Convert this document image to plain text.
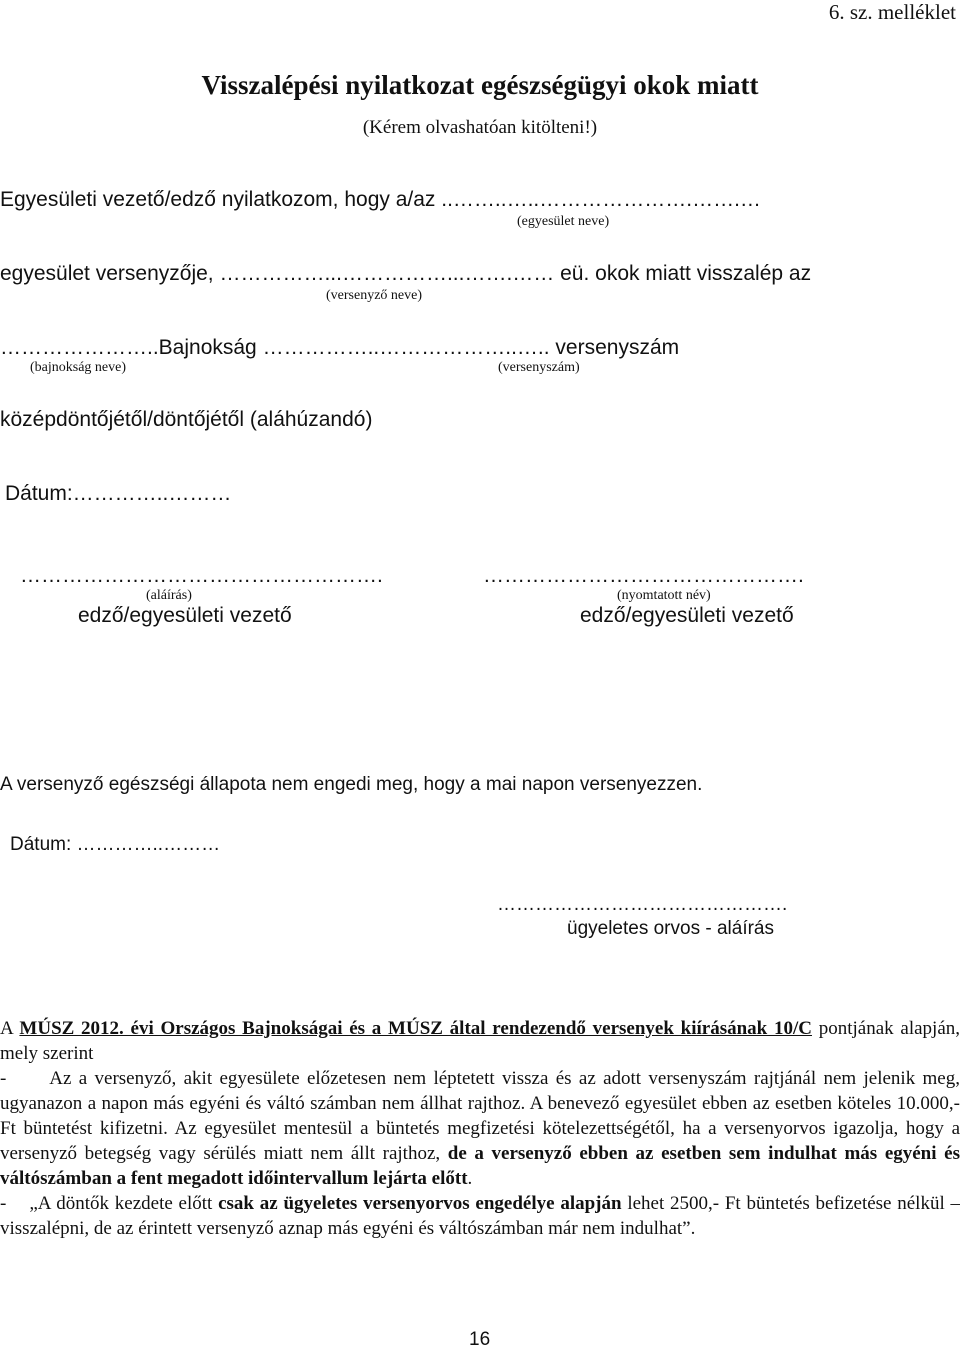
6. sz. melléklet
Visszalépési nyilatkozat egészségügyi okok miatt
(Kérem olvashatóan kitölteni!)
Egyesületi vezető/edző nyilatkozom, hogy a/az ..……..…..………………….…….…
(egyesület neve)
egyesület versenyzője, ……………...……………...…….…… eü. okok miatt visszalép az
(versenyző neve)
…………………..Bajnokság ……………..………………..….. versenyszám
(bajnokság neve)	(versenyszám)
középdöntőjétől/döntőjétől (aláhúzandó)
Dátum:…………..………
…………………………………………….
(aláírás)
edző/egyesületi vezető
……………………………………….
(nyomtatott név)
edző/egyesületi vezető
A versenyző egészségi állapota nem engedi meg, hogy a mai napon versenyezzen.
Dátum: …………..………
……………………………………….
ügyeletes orvos - aláírás
A MÚSZ 2012. évi Országos Bajnokságai és a MÚSZ által rendezendő versenyek kiírásának 10/C pontjának alapján, mely szerint
-      Az a versenyző, akit egyesülete előzetesen nem léptetett vissza és az adott versenyszám rajtjánál nem jelenik meg, ugyanazon a napon más egyéni és váltó számban nem állhat rajthoz. A benevező egyesület ebben az esetben köteles 10.000,- Ft büntetést kifizetni. Az egyesület mentesül a büntetés megfizetési kötelezettségétől, ha a versenyorvos igazolja, hogy a versenyző betegség vagy sérülés miatt nem állt rajthoz, de a versenyző ebben az esetben sem indulhat más egyéni és váltószámban a fent megadott időintervallum lejárta előtt.
-    „A döntők kezdete előtt csak az ügyeletes versenyorvos engedélye alapján lehet 2500,- Ft büntetés befizetése nélkül – visszalépni, de az érintett versenyző aznap más egyéni és váltószámban már nem indulhat”.
16
